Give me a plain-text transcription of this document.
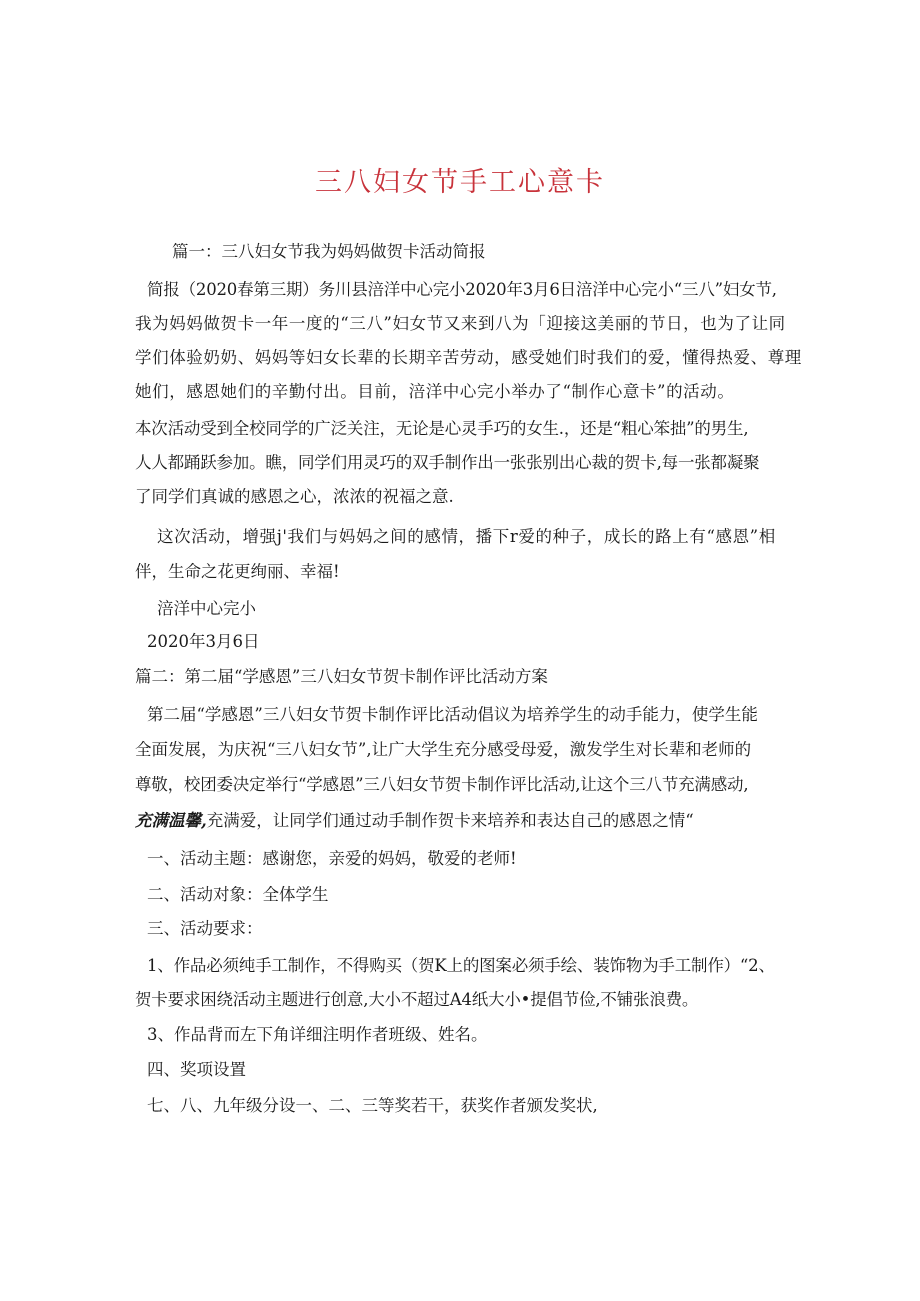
三八妇女节手工心意卡
篇一：三八妇女节我为妈妈做贺卡活动简报
简报（2020春第三期）务川县涪洋中心完小2020年3月6日涪洋中心完小“三八”妇女节,
我为妈妈做贺卡一年一度的“三八”妇女节又来到八为「迎接这美丽的节日，也为了让同
学们体验奶奶、妈妈等妇女长辈的长期辛苦劳动，感受她们时我们的爱，懂得热爱、尊理
她们，感恩她们的辛勤付出。目前，涪洋中心完小举办了“制作心意卡”的活动。
本次活动受到全校同学的广泛关注，无论是心灵手巧的女生.，还是“粗心笨拙”的男生,
人人都踊跃参加。瞧，同学们用灵巧的双手制作出一张张别出心裁的贺卡,每一张都凝聚
了同学们真诚的感恩之心，浓浓的祝福之意.
这次活动，增强j'我们与妈妈之间的感情，播下r爱的种子，成长的路上有“感恩”相
伴，生命之花更绚丽、幸福!
涪洋中心完小
2020年3月6日
篇二：第二届“学感恩”三八妇女节贺卡制作评比活动方案
第二届“学感恩”三八妇女节贺卡制作评比活动倡议为培养学生的动手能力，使学生能
全面发展，为庆祝“三八妇女节”,让广大学生充分感受母爱，激发学生对长辈和老师的
尊敬，校团委决定举行“学感恩”三八妇女节贺卡制作评比活动,让这个三八节充满感动,
充满温馨,充满爱，让同学们通过动手制作贺卡来培养和表达自己的感恩之情“
一、活动主题：感谢您，亲爱的妈妈，敬爱的老师!
二、活动对象：全体学生
三、活动要求：
1、作品必须纯手工制作，不得购买（贺K上的图案必须手绘、装饰物为手工制作）“2、
贺卡要求困绕活动主题进行创意,大小不超过A4纸大小•提倡节俭,不铺张浪费。
3、作品背而左下角详细注明作者班级、姓名。
四、奖项设置
七、八、九年级分设一、二、三等奖若干，获奖作者颁发奖状,
